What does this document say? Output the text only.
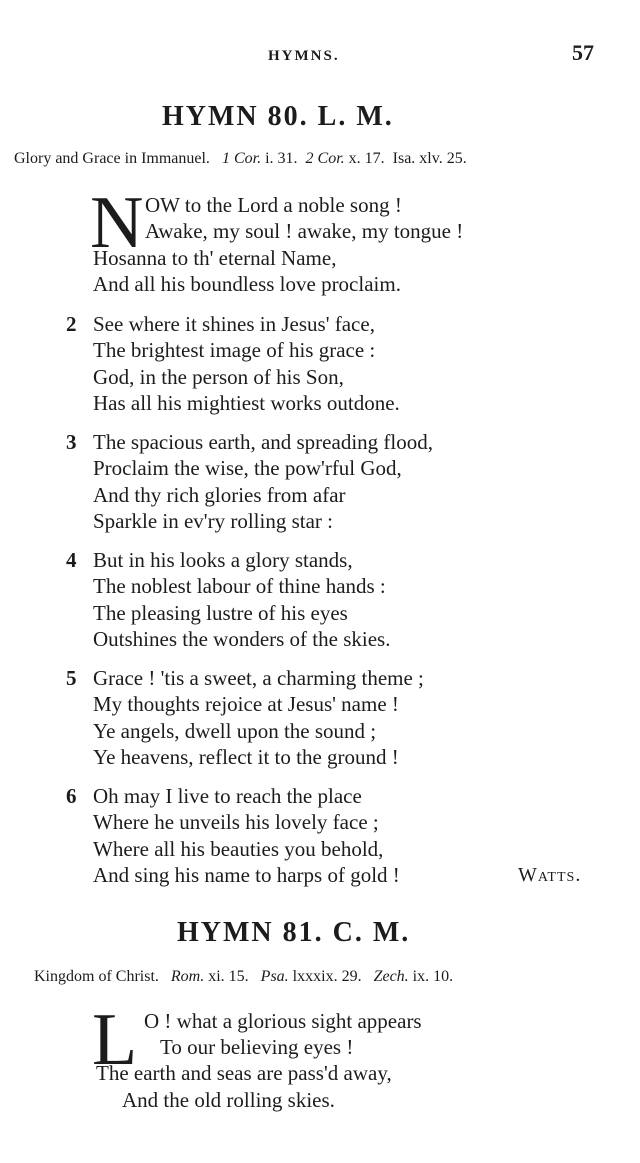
HYMNS.	57
HYMN 80. L. M.
Glory and Grace in Immanuel. 1 Cor. i. 31. 2 Cor. x. 17. Isa. xlv. 25.
N OW to the Lord a noble song !
Awake, my soul ! awake, my tongue !
Hosanna to th' eternal Name,
And all his boundless love proclaim.
2 See where it shines in Jesus' face,
The brightest image of his grace :
God, in the person of his Son,
Has all his mightiest works outdone.
3 The spacious earth, and spreading flood,
Proclaim the wise, the pow'rful God,
And thy rich glories from afar
Sparkle in ev'ry rolling star :
4 But in his looks a glory stands,
The noblest labour of thine hands :
The pleasing lustre of his eyes
Outshines the wonders of the skies.
5 Grace ! 'tis a sweet, a charming theme ;
My thoughts rejoice at Jesus' name !
Ye angels, dwell upon the sound ;
Ye heavens, reflect it to the ground !
6 Oh may I live to reach the place
Where he unveils his lovely face ;
Where all his beauties you behold,
And sing his name to harps of gold !	Watts.
HYMN 81. C. M.
Kingdom of Christ. Rom. xi. 15. Psa. lxxxix. 29. Zech. ix. 10.
L O ! what a glorious sight appears
To our believing eyes !
The earth and seas are pass'd away,
And the old rolling skies.
